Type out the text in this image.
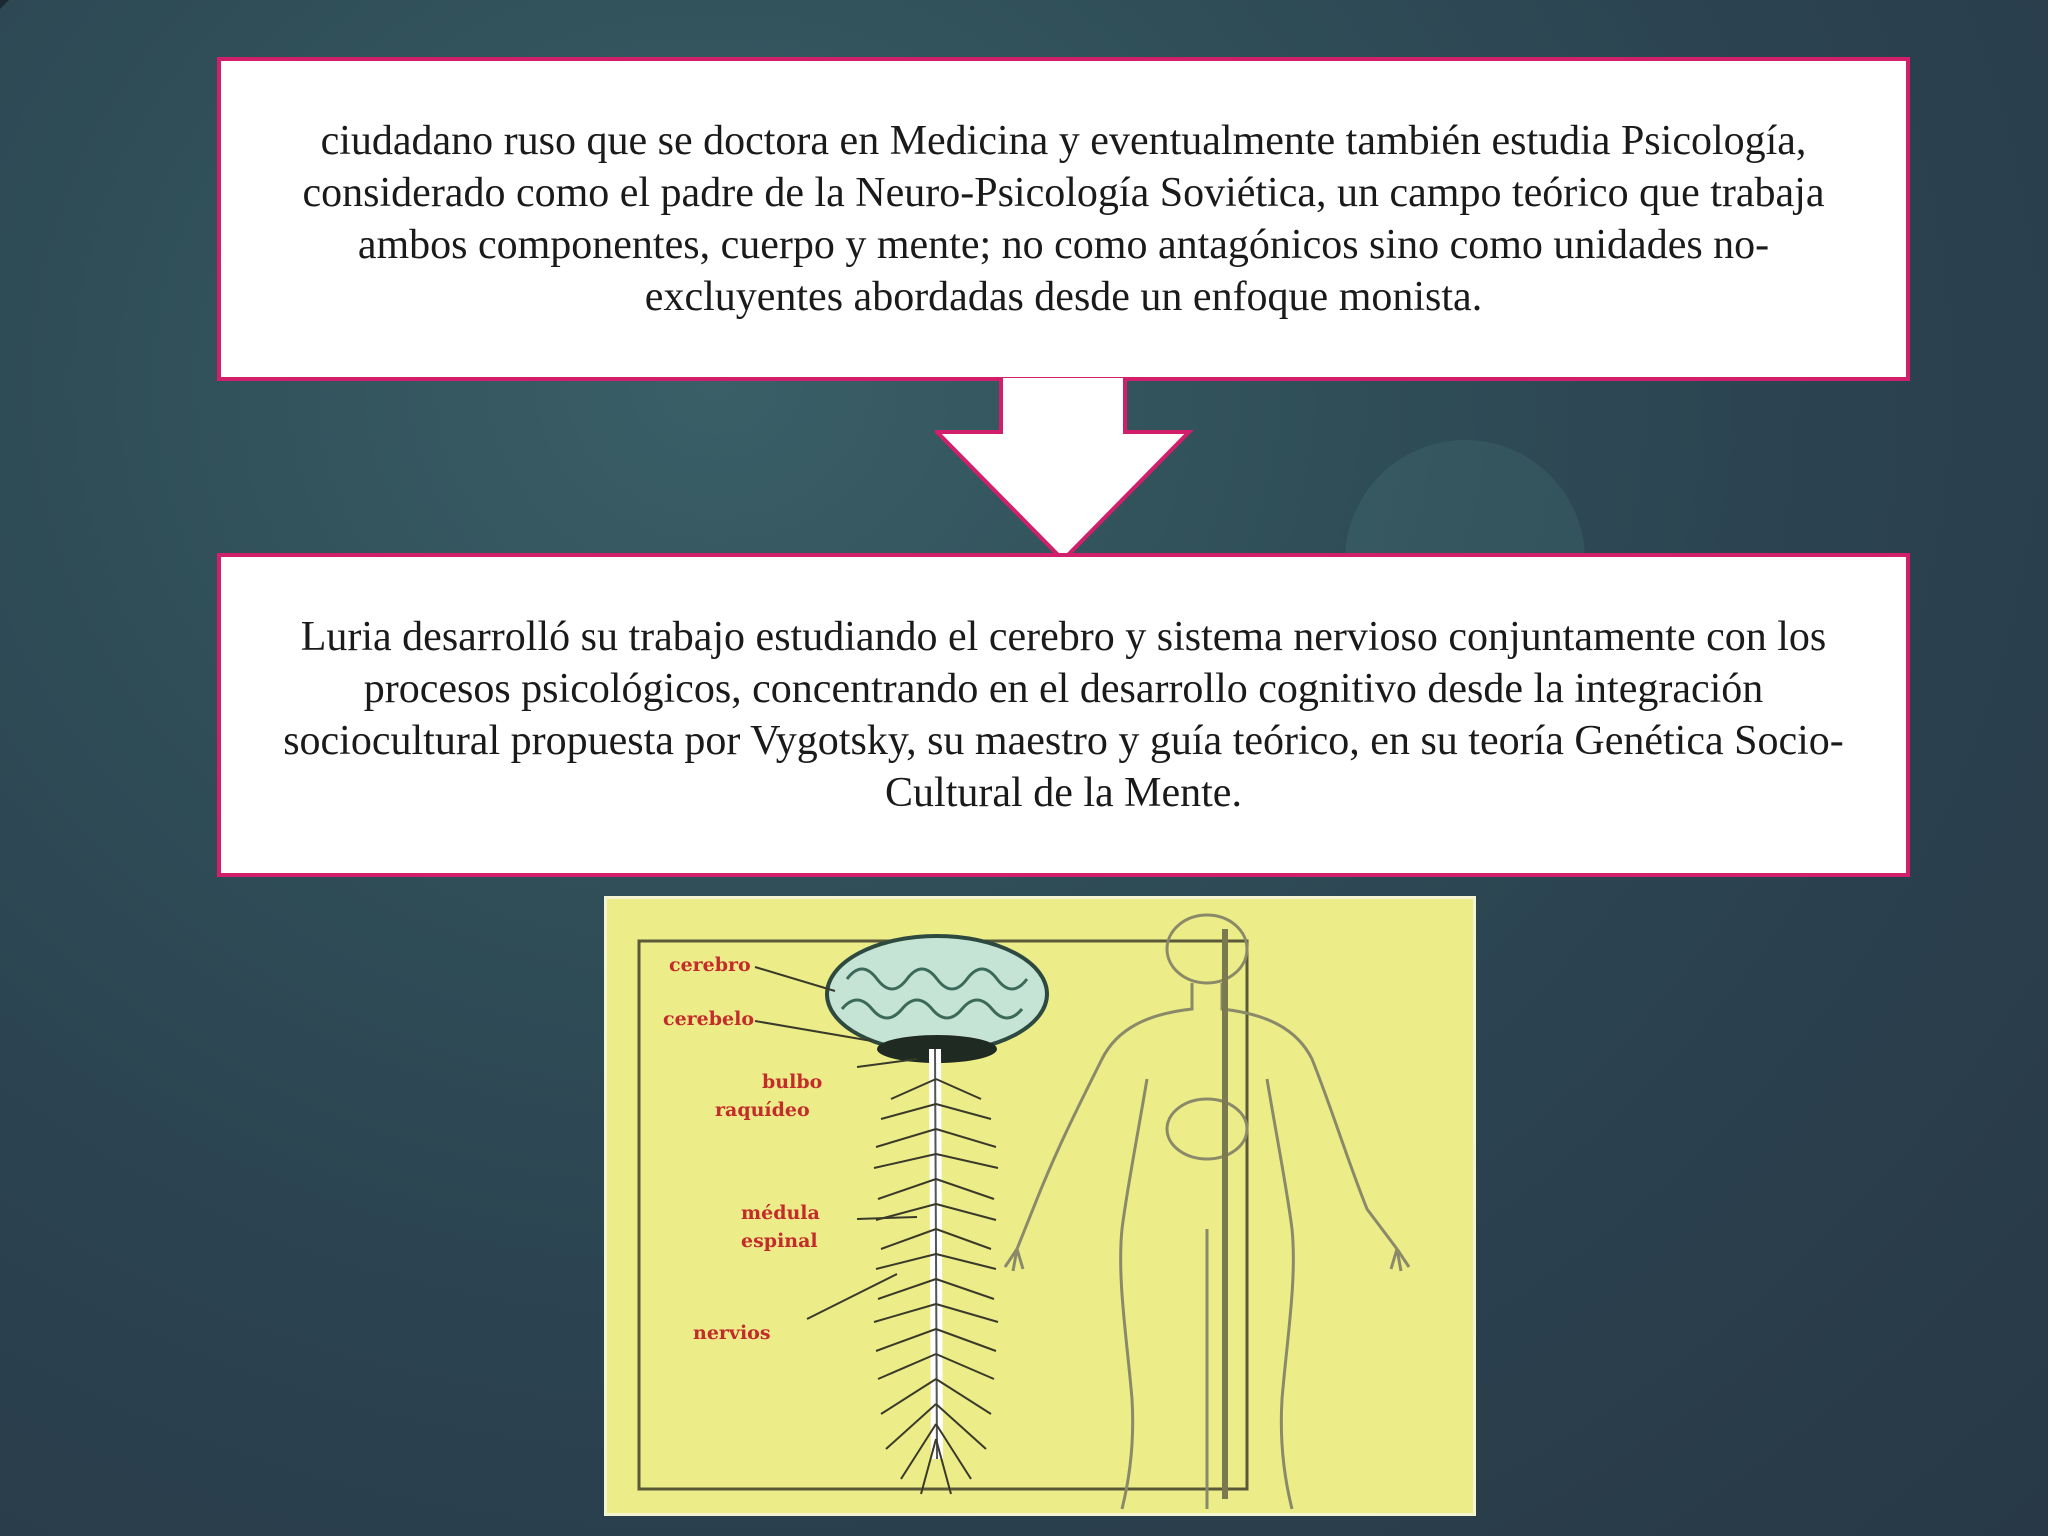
ciudadano ruso que se doctora en Medicina y eventualmente también estudia Psicología, considerado como el padre de la Neuro-Psicología Soviética, un campo teórico que trabaja ambos componentes, cuerpo y mente; no como antagónicos sino como unidades no-excluyentes abordadas desde un enfoque monista.

Luria desarrolló su trabajo estudiando el cerebro y sistema nervioso conjuntamente con los procesos psicológicos, concentrando en el desarrollo cognitivo desde la integración sociocultural propuesta por Vygotsky, su maestro y guía teórico, en su teoría Genética Socio-Cultural de la Mente.

cerebro
cerebelo
bulbo
raquídeo
médula
espinal
nervios
